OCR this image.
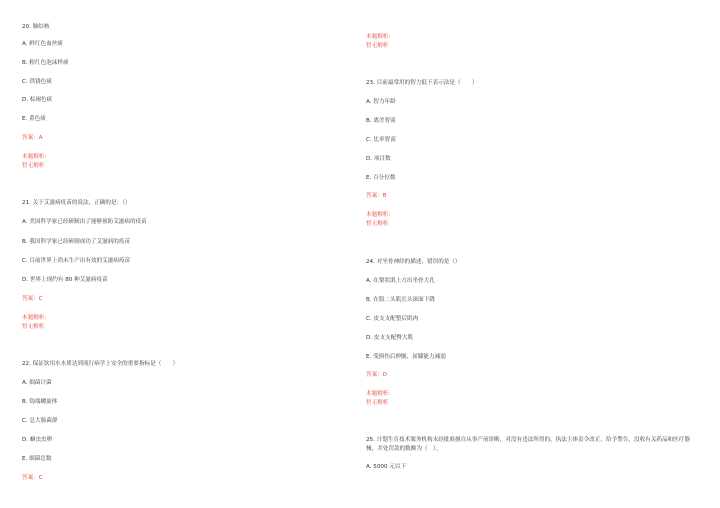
20. 肺结核
A. 鲜红色血丝痰
B. 粉红色泡沫样痰
C. 铁锈色痰
D. 棕褐色痰
E. 黄色痰
答案：A
本题解析:
暂无解析
21. 关于艾滋病疫苗的说法，正确的是：（）
A. 美国科学家已经研制出了能够预防艾滋病的疫苗
B. 我国科学家已经研制成功了艾滋病的疫苗
C. 目前世界上尚未生产出有效的艾滋病疫苗
D. 世界上现约有 80 种艾滋病疫苗
答案：C
本题解析:
暂无解析
22. 保证饮用水水质达到流行病学上安全的重要指标是（　　）
A. 细菌计菌
B. 钩端螺旋体
C. 总大肠菌群
D. 蛔虫虫卵
E. 细菌总数
答案：C
本题解析:
暂无解析
23. 目前最常用的智力低下表示法是（　　）
A. 智力年龄
B. 离差智商
C. 比率智商
D. 项目数
E. 百分位数
答案：B
本题解析:
暂无解析
24. 对坐骨神经的描述，错误的是（）
A. 在梨状肌上方出坐骨大孔
B. 在股二头肌长头深面下降
C. 皮支支配整后肌肉
D. 皮支支配臀大肌
E. 受损伤后伸髋、屈膝能力减弱
答案：D
本题解析:
暂无解析
25. 计划生育技术服务机构未经批准擅自从事产前诊断，对没有违法所得的，执法主体责令改正，给予警告，没收有关药品和医疗器械，并处罚款的数额为（　）。
A. 5000 元以下
